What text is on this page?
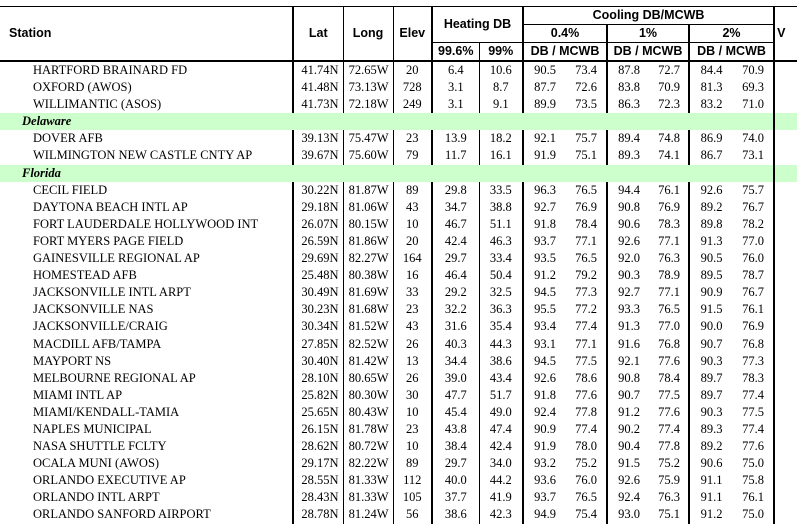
Station	Lat	Long	Elev	Heating DB		Cooling DB/MCWB						V
						0.4%		1%		2%		
				99.6%	99%	DB / MCWB		DB / MCWB		DB / MCWB		
HARTFORD BRAINARD FD	41.74N	72.65W	20	6.4	10.6	90.5	73.4	87.8	72.7	84.4	70.9	
OXFORD (AWOS)	41.48N	73.13W	728	3.1	8.7	87.7	72.6	83.8	70.9	81.3	69.3	
WILLIMANTIC (ASOS)	41.73N	72.18W	249	3.1	9.1	89.9	73.5	86.3	72.3	83.2	71.0	
Delaware												
DOVER AFB	39.13N	75.47W	23	13.9	18.2	92.1	75.7	89.4	74.8	86.9	74.0	
WILMINGTON NEW CASTLE CNTY AP	39.67N	75.60W	79	11.7	16.1	91.9	75.1	89.3	74.1	86.7	73.1	
Florida												
CECIL FIELD	30.22N	81.87W	89	29.8	33.5	96.3	76.5	94.4	76.1	92.6	75.7	
DAYTONA BEACH INTL AP	29.18N	81.06W	43	34.7	38.8	92.7	76.9	90.8	76.9	89.2	76.7	
FORT LAUDERDALE HOLLYWOOD INT	26.07N	80.15W	10	46.7	51.1	91.8	78.4	90.6	78.3	89.8	78.2	
FORT MYERS PAGE FIELD	26.59N	81.86W	20	42.4	46.3	93.7	77.1	92.6	77.1	91.3	77.0	
GAINESVILLE REGIONAL AP	29.69N	82.27W	164	29.7	33.4	93.5	76.5	92.0	76.3	90.5	76.0	
HOMESTEAD AFB	25.48N	80.38W	16	46.4	50.4	91.2	79.2	90.3	78.9	89.5	78.7	
JACKSONVILLE INTL ARPT	30.49N	81.69W	33	29.2	32.5	94.5	77.3	92.7	77.1	90.9	76.7	
JACKSONVILLE NAS	30.23N	81.68W	23	32.2	36.3	95.5	77.2	93.3	76.5	91.5	76.1	
JACKSONVILLE/CRAIG	30.34N	81.52W	43	31.6	35.4	93.4	77.4	91.3	77.0	90.0	76.9	
MACDILL AFB/TAMPA	27.85N	82.52W	26	40.3	44.3	93.1	77.1	91.6	76.8	90.7	76.8	
MAYPORT NS	30.40N	81.42W	13	34.4	38.6	94.5	77.5	92.1	77.6	90.3	77.3	
MELBOURNE REGIONAL AP	28.10N	80.65W	26	39.0	43.4	92.6	78.6	90.8	78.4	89.7	78.3	
MIAMI INTL AP	25.82N	80.30W	30	47.7	51.7	91.8	77.6	90.7	77.5	89.7	77.4	
MIAMI/KENDALL-TAMIA	25.65N	80.43W	10	45.4	49.0	92.4	77.8	91.2	77.6	90.3	77.5	
NAPLES MUNICIPAL	26.15N	81.78W	23	43.8	47.4	90.9	77.4	90.2	77.4	89.3	77.4	
NASA SHUTTLE FCLTY	28.62N	80.72W	10	38.4	42.4	91.9	78.0	90.4	77.8	89.2	77.6	
OCALA MUNI (AWOS)	29.17N	82.22W	89	29.7	34.0	93.2	75.2	91.5	75.2	90.6	75.0	
ORLANDO EXECUTIVE AP	28.55N	81.33W	112	40.0	44.2	93.6	76.0	92.6	75.9	91.1	75.8	
ORLANDO INTL ARPT	28.43N	81.33W	105	37.7	41.9	93.7	76.5	92.4	76.3	91.1	76.1	
ORLANDO SANFORD AIRPORT	28.78N	81.24W	56	38.6	42.3	94.9	75.4	93.0	75.1	91.2	75.0	
